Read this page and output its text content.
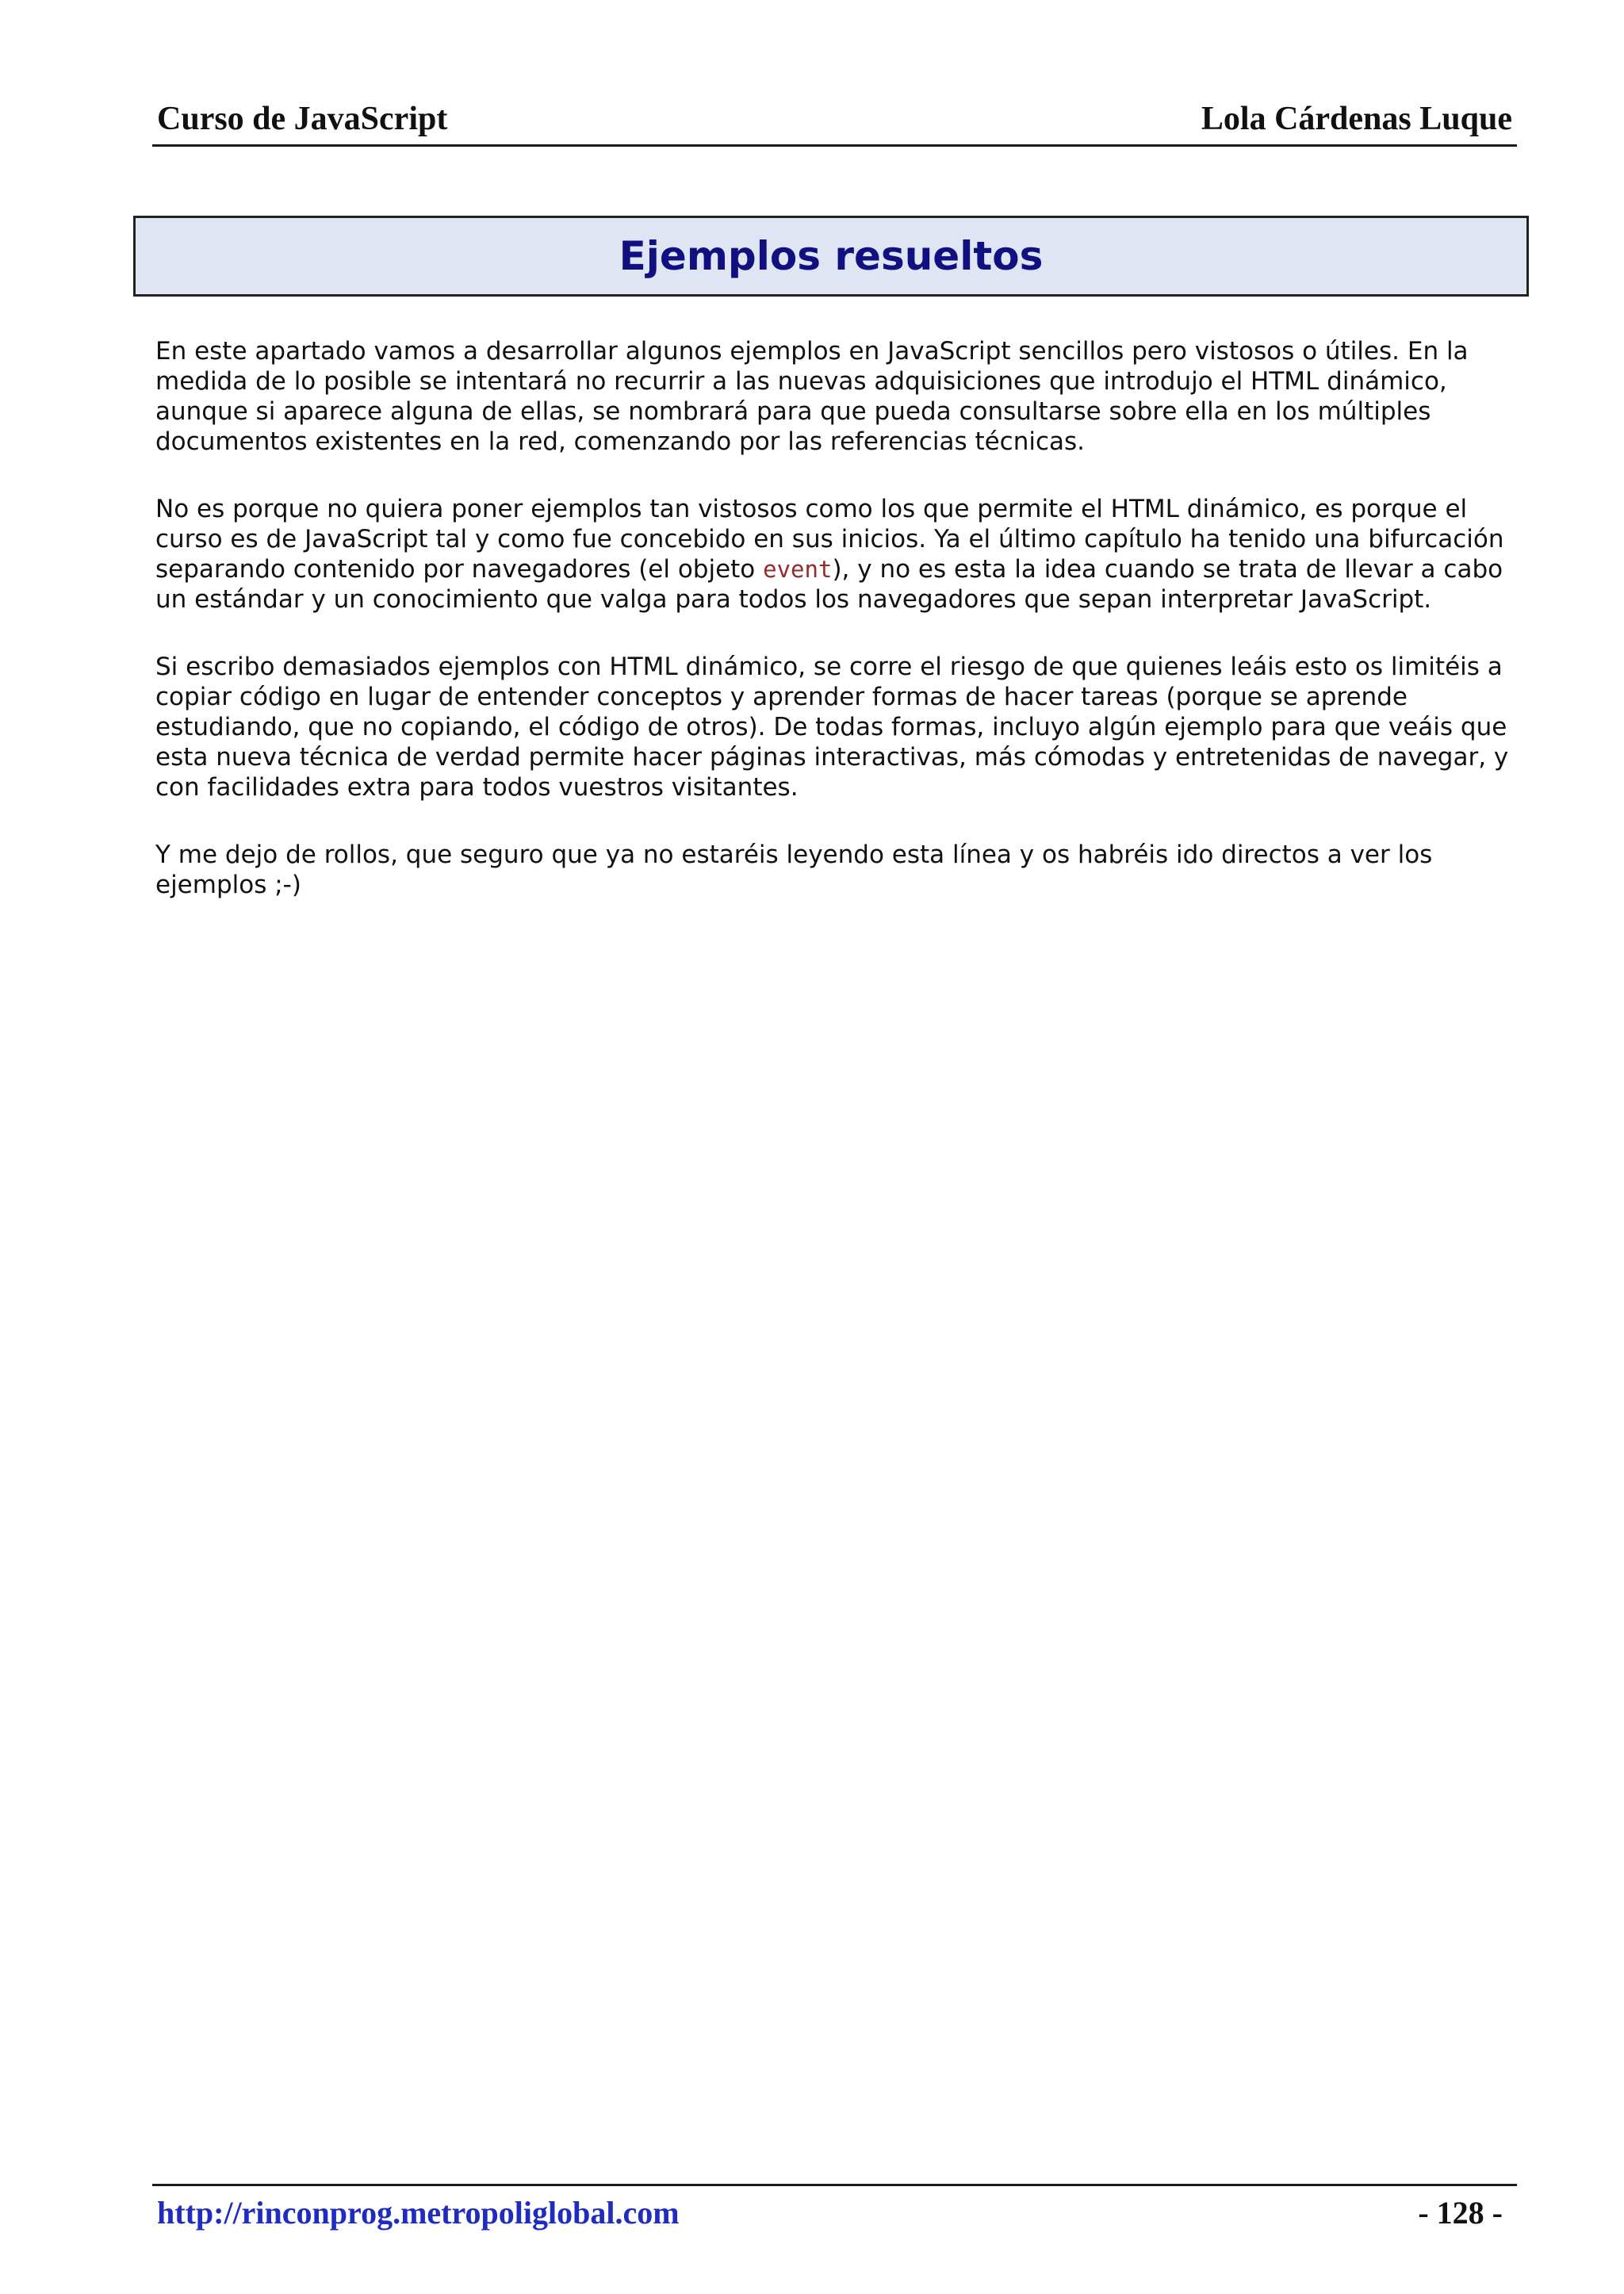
Curso de JavaScript	Lola Cárdenas Luque
Ejemplos resueltos

En este apartado vamos a desarrollar algunos ejemplos en JavaScript sencillos pero vistosos o útiles. En la medida de lo posible se intentará no recurrir a las nuevas adquisiciones que introdujo el HTML dinámico, aunque si aparece alguna de ellas, se nombrará para que pueda consultarse sobre ella en los múltiples documentos existentes en la red, comenzando por las referencias técnicas.

No es porque no quiera poner ejemplos tan vistosos como los que permite el HTML dinámico, es porque el curso es de JavaScript tal y como fue concebido en sus inicios. Ya el último capítulo ha tenido una bifurcación separando contenido por navegadores (el objeto event), y no es esta la idea cuando se trata de llevar a cabo un estándar y un conocimiento que valga para todos los navegadores que sepan interpretar JavaScript.

Si escribo demasiados ejemplos con HTML dinámico, se corre el riesgo de que quienes leáis esto os limitéis a copiar código en lugar de entender conceptos y aprender formas de hacer tareas (porque se aprende estudiando, que no copiando, el código de otros). De todas formas, incluyo algún ejemplo para que veáis que esta nueva técnica de verdad permite hacer páginas interactivas, más cómodas y entretenidas de navegar, y con facilidades extra para todos vuestros visitantes.

Y me dejo de rollos, que seguro que ya no estaréis leyendo esta línea y os habréis ido directos a ver los ejemplos ;-)

http://rinconprog.metropoliglobal.com	- 128 -
